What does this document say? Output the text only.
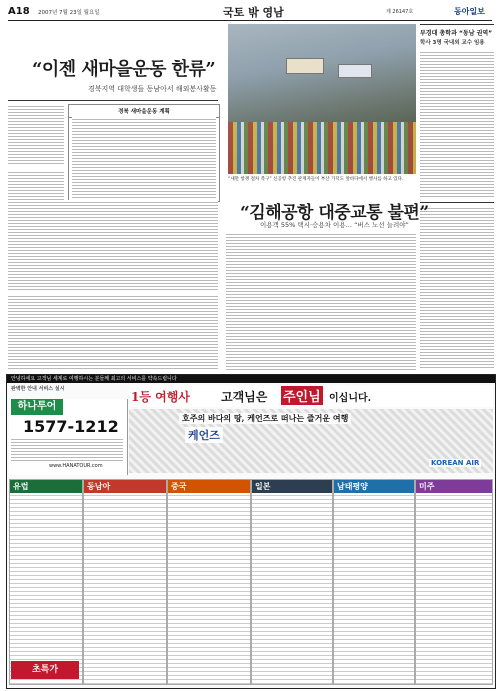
A18 2007년 7월 23일 월요일	국토 밖 영남	제 26147호	동아일보
“이젠 새마을운동 한류”
경북지역 대학생들 동남아서 해외봉사활동
경북 새마을운동 계획
“새만 항쟁 절차 촉구” 신공항 추진 관계자들이 부산 가덕도 앞바다에서 행사를 하고 있다.
부경대 총학과 “동남 권역”
학사 3명 국내외 교수 임용
“김해공항 대중교통 불편”
이용객 55% 택시·승용차 이용… “버스 노선 늘려야”
안녕하세요 고객님 세계로 여행하시는 분들께 최고의 서비스를 약속드립니다
완벽한 안내 서비스 실시
하나투어
1577-1212
www.HANATOUR.com
1등 여행사	고객님은 주인님 이십니다.
호주의 바다의 땅, 케언즈로 떠나는 즐거운 여행
케언즈
KOREAN AIR
유럽	동남아	중국	일본	남태평양	미주
초특가
